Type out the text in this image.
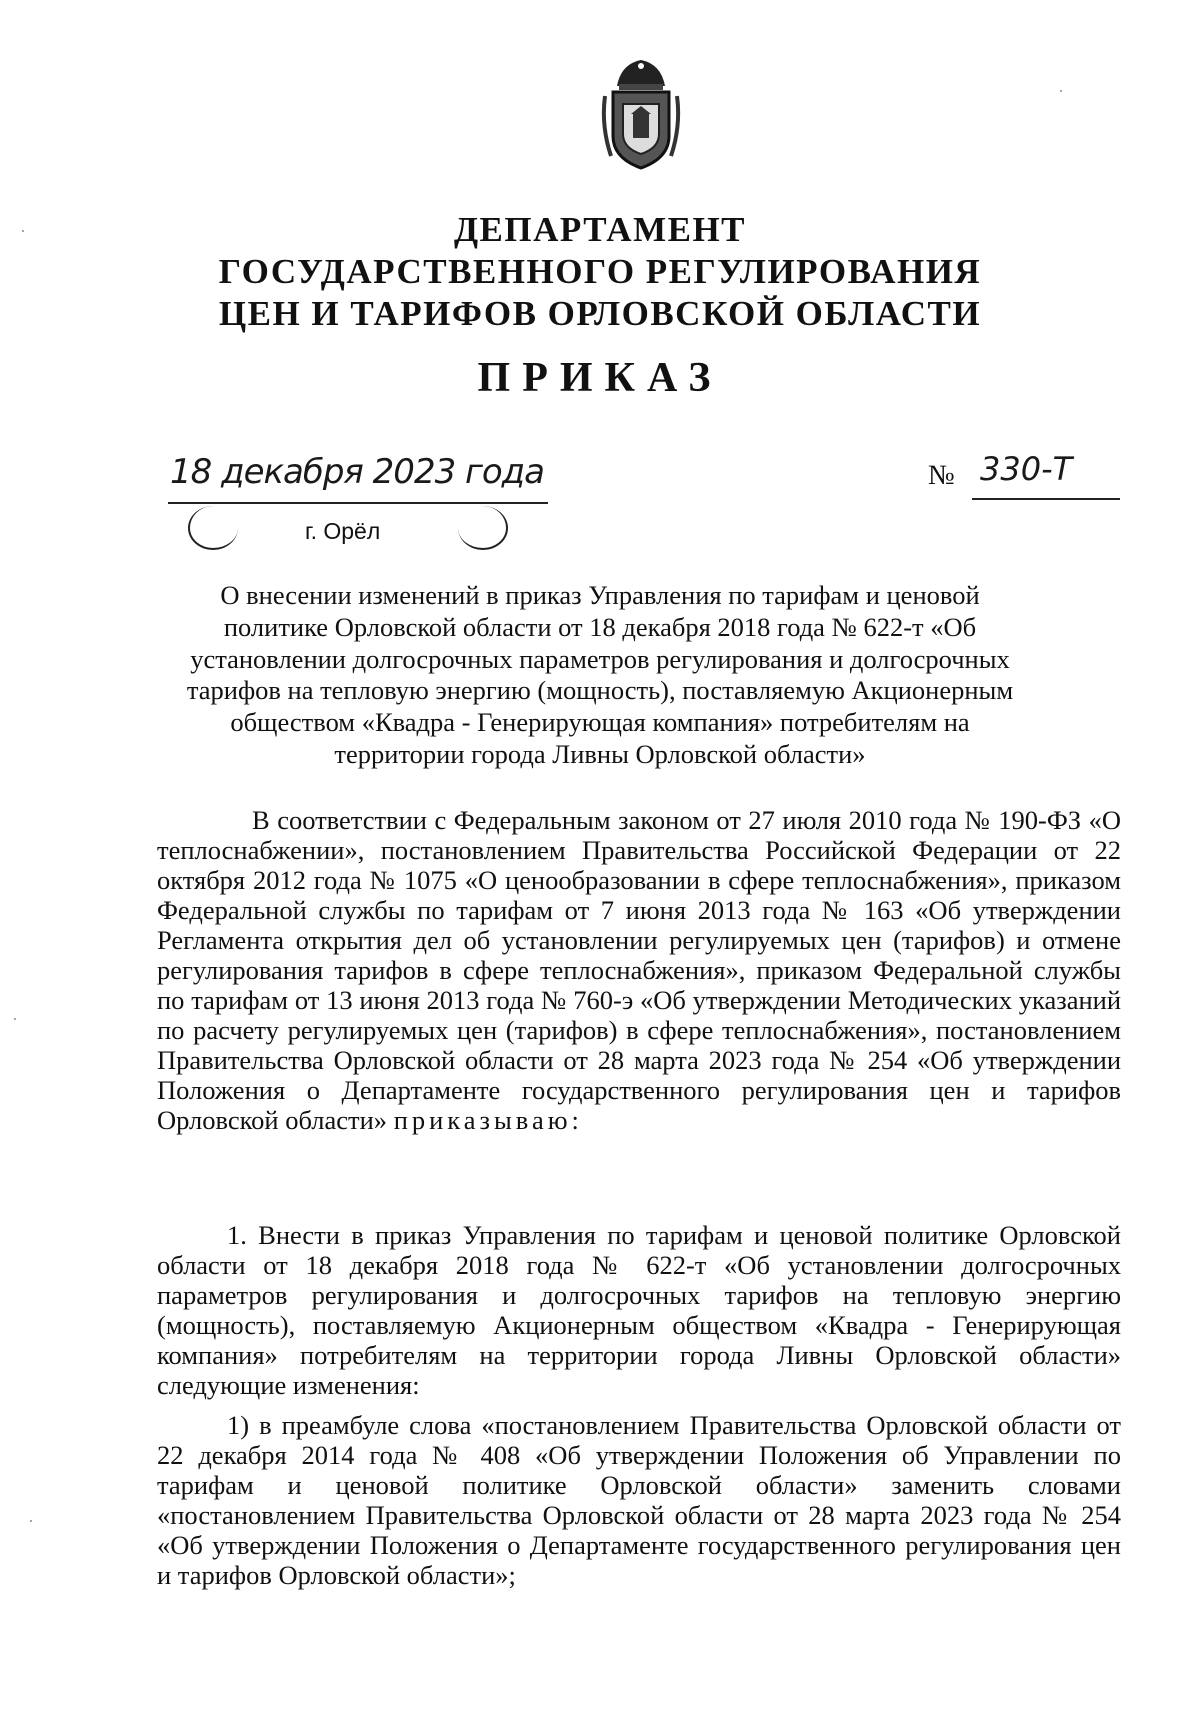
ДЕПАРТАМЕНТ
ГОСУДАРСТВЕННОГО РЕГУЛИРОВАНИЯ
ЦЕН И ТАРИФОВ ОРЛОВСКОЙ ОБЛАСТИ
ПРИКАЗ
18 декабря 2023 года
г. Орёл
№ 330-Т
О внесении изменений в приказ Управления по тарифам и ценовой политике Орловской области от 18 декабря 2018 года № 622-т «Об установлении долгосрочных параметров регулирования и долгосрочных тарифов на тепловую энергию (мощность), поставляемую Акционерным обществом «Квадра - Генерирующая компания» потребителям на территории города Ливны Орловской области»
В соответствии с Федеральным законом от 27 июля 2010 года № 190-ФЗ «О теплоснабжении», постановлением Правительства Российской Федерации от 22 октября 2012 года № 1075 «О ценообразовании в сфере теплоснабжения», приказом Федеральной службы по тарифам от 7 июня 2013 года № 163 «Об утверждении Регламента открытия дел об установлении регулируемых цен (тарифов) и отмене регулирования тарифов в сфере теплоснабжения», приказом Федеральной службы по тарифам от 13 июня 2013 года № 760-э «Об утверждении Методических указаний по расчету регулируемых цен (тарифов) в сфере теплоснабжения», постановлением Правительства Орловской области от 28 марта 2023 года № 254 «Об утверждении Положения о Департаменте государственного регулирования цен и тарифов Орловской области» приказываю:
1. Внести в приказ Управления по тарифам и ценовой политике Орловской области от 18 декабря 2018 года № 622-т «Об установлении долгосрочных параметров регулирования и долгосрочных тарифов на тепловую энергию (мощность), поставляемую Акционерным обществом «Квадра - Генерирующая компания» потребителям на территории города Ливны Орловской области» следующие изменения:
1) в преамбуле слова «постановлением Правительства Орловской области от 22 декабря 2014 года № 408 «Об утверждении Положения об Управлении по тарифам и ценовой политике Орловской области» заменить словами «постановлением Правительства Орловской области от 28 марта 2023 года № 254 «Об утверждении Положения о Департаменте государственного регулирования цен и тарифов Орловской области»;
